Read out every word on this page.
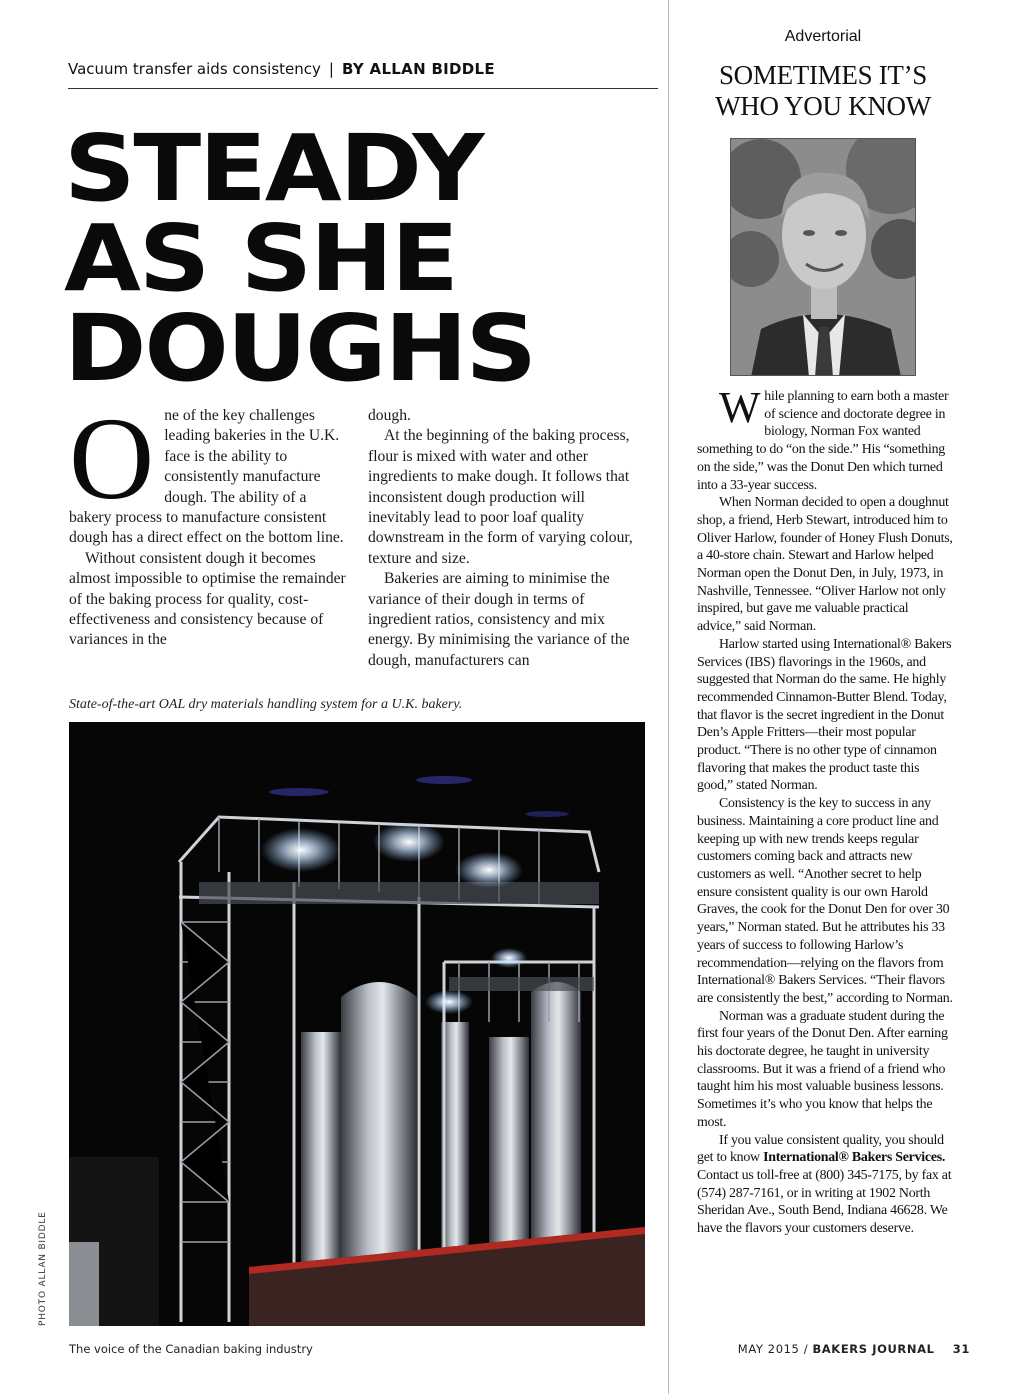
Vacuum transfer aids consistency | BY ALLAN BIDDLE
STEADY
AS SHE
DOUGHS

One of the key challenges leading bakeries in the U.K. face is the ability to consistently manufacture dough. The ability of a bakery process to manufacture consistent dough has a direct effect on the bottom line.

Without consistent dough it becomes almost impossible to optimise the remainder of the baking process for quality, cost-effectiveness and consistency because of variances in the

dough.

At the beginning of the baking process, flour is mixed with water and other ingredients to make dough. It follows that inconsistent dough production will inevitably lead to poor loaf quality downstream in the form of varying colour, texture and size.

Bakeries are aiming to minimise the variance of their dough in terms of ingredient ratios, consistency and mix energy. By minimising the variance of the dough, manufacturers can

State-of-the-art OAL dry materials handling system for a U.K. bakery.
PHOTO ALLAN BIDDLE
The voice of the Canadian baking industry	MAY 2015 / BAKERS JOURNAL 31
Advertorial
SOMETIMES IT’S
WHO YOU KNOW

While planning to earn both a master of science and doctorate degree in biology, Norman Fox wanted something to do “on the side.” His “something on the side,” was the Donut Den which turned into a 33-year success.

When Norman decided to open a doughnut shop, a friend, Herb Stewart, introduced him to Oliver Harlow, founder of Honey Flush Donuts, a 40-store chain. Stewart and Harlow helped Norman open the Donut Den, in July, 1973, in Nashville, Tennessee. “Oliver Harlow not only inspired, but gave me valuable practical advice,” said Norman.

Harlow started using International® Bakers Services (IBS) flavorings in the 1960s, and suggested that Norman do the same. He highly recommended Cinnamon-Butter Blend. Today, that flavor is the secret ingredient in the Donut Den’s Apple Fritters—their most popular product. “There is no other type of cinnamon flavoring that makes the product taste this good,” stated Norman.

Consistency is the key to success in any business. Maintaining a core product line and keeping up with new trends keeps regular customers coming back and attracts new customers as well. “Another secret to help ensure consistent quality is our own Harold Graves, the cook for the Donut Den for over 30 years,” Norman stated. But he attributes his 33 years of success to following Harlow’s recommendation—relying on the flavors from International® Bakers Services. “Their flavors are consistently the best,” according to Norman.

Norman was a graduate student during the first four years of the Donut Den. After earning his doctorate degree, he taught in university classrooms. But it was a friend of a friend who taught him his most valuable business lessons. Sometimes it’s who you know that helps the most.

If you value consistent quality, you should get to know International® Bakers Services. Contact us toll-free at (800) 345-7175, by fax at (574) 287-7161, or in writing at 1902 North Sheridan Ave., South Bend, Indiana 46628. We have the flavors your customers deserve.
